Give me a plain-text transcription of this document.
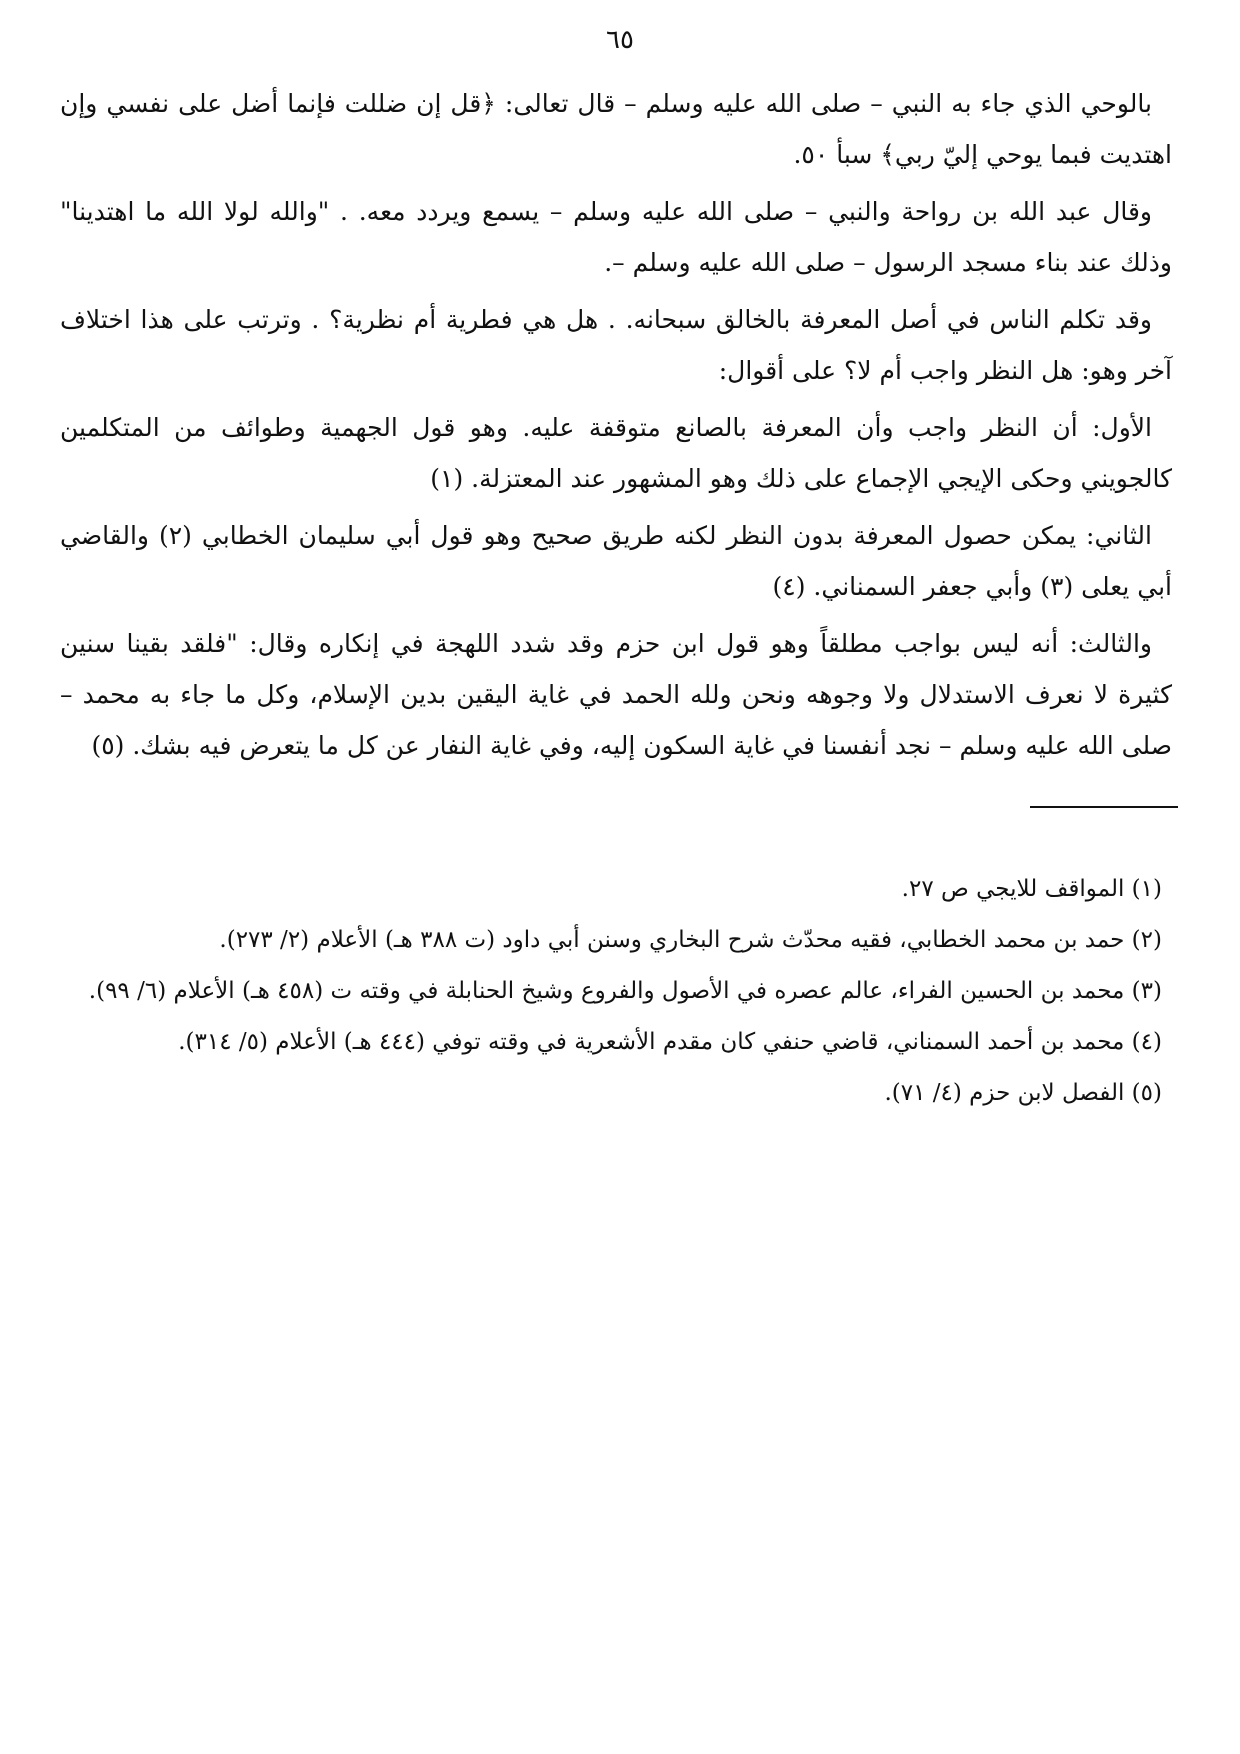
٦٥

بالوحي الذي جاء به النبي – صلى الله عليه وسلم – قال تعالى: ﴿قل إن ضللت فإنما أضل على نفسي وإن اهتديت فبما يوحي إليّ ربي﴾ سبأ ٥٠.

وقال عبد الله بن رواحة والنبي – صلى الله عليه وسلم – يسمع ويردد معه. . "والله لولا الله ما اهتدينا" وذلك عند بناء مسجد الرسول – صلى الله عليه وسلم –.

وقد تكلم الناس في أصل المعرفة بالخالق سبحانه. . هل هي فطرية أم نظرية؟ . وترتب على هذا اختلاف آخر وهو: هل النظر واجب أم لا؟ على أقوال:

الأول: أن النظر واجب وأن المعرفة بالصانع متوقفة عليه. وهو قول الجهمية وطوائف من المتكلمين كالجويني وحكى الإيجي الإجماع على ذلك وهو المشهور عند المعتزلة. (١)

الثاني: يمكن حصول المعرفة بدون النظر لكنه طريق صحيح وهو قول أبي سليمان الخطابي (٢) والقاضي أبي يعلى (٣) وأبي جعفر السمناني. (٤)

والثالث: أنه ليس بواجب مطلقاً وهو قول ابن حزم وقد شدد اللهجة في إنكاره وقال: "فلقد بقينا سنين كثيرة لا نعرف الاستدلال ولا وجوهه ونحن ولله الحمد في غاية اليقين بدين الإسلام، وكل ما جاء به محمد – صلى الله عليه وسلم – نجد أنفسنا في غاية السكون إليه، وفي غاية النفار عن كل ما يتعرض فيه بشك. (٥)

(١) المواقف للايجي ص ٢٧.

(٢) حمد بن محمد الخطابي، فقيه محدّث شرح البخاري وسنن أبي داود (ت ٣٨٨ هـ) الأعلام (٢/ ٢٧٣).

(٣) محمد بن الحسين الفراء، عالم عصره في الأصول والفروع وشيخ الحنابلة في وقته ت (٤٥٨ هـ) الأعلام (٦/ ٩٩).

(٤) محمد بن أحمد السمناني، قاضي حنفي كان مقدم الأشعرية في وقته توفي (٤٤٤ هـ) الأعلام (٥/ ٣١٤).

(٥) الفصل لابن حزم (٤/ ٧١).
